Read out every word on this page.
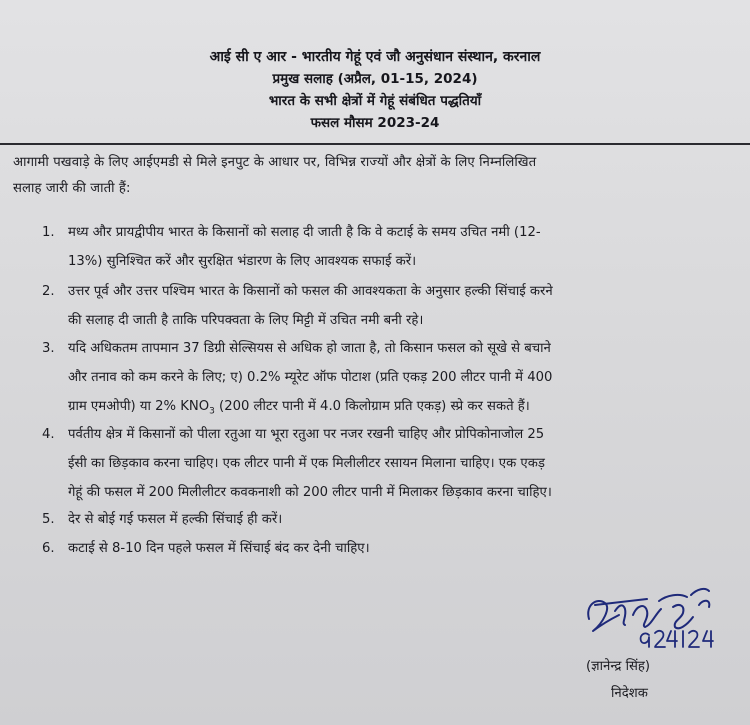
आई सी ए आर - भारतीय गेहूं एवं जौ अनुसंधान संस्थान, करनाल
प्रमुख सलाह (अप्रैल, 01-15, 2024)
भारत के सभी क्षेत्रों में गेहूं संबंधित पद्धतियाँ
फसल मौसम 2023-24
आगामी पखवाड़े के लिए आईएमडी से मिले इनपुट के आधार पर, विभिन्न राज्यों और क्षेत्रों के लिए निम्नलिखित
सलाह जारी की जाती हैं:
1.	मध्य और प्रायद्वीपीय भारत के किसानों को सलाह दी जाती है कि वे कटाई के समय उचित नमी (12-
13%) सुनिश्चित करें और सुरक्षित भंडारण के लिए आवश्यक सफाई करें।
2.	उत्तर पूर्व और उत्तर पश्चिम भारत के किसानों को फसल की आवश्यकता के अनुसार हल्की सिंचाई करने
की सलाह दी जाती है ताकि परिपक्वता के लिए मिट्टी में उचित नमी बनी रहे।
3.	यदि अधिकतम तापमान 37 डिग्री सेल्सियस से अधिक हो जाता है, तो किसान फसल को सूखे से बचाने
और तनाव को कम करने के लिए; ए) 0.2% म्यूरेट ऑफ पोटाश (प्रति एकड़ 200 लीटर पानी में 400
ग्राम एमओपी) या 2% $KNO_3$ (200 लीटर पानी में 4.0 किलोग्राम प्रति एकड़) स्प्रे कर सकते हैं।
4.	पर्वतीय क्षेत्र में किसानों को पीला रतुआ या भूरा रतुआ पर नजर रखनी चाहिए और प्रोपिकोनाजोल 25
ईसी का छिड़काव करना चाहिए। एक लीटर पानी में एक मिलीलीटर रसायन मिलाना चाहिए। एक एकड़
गेहूं की फसल में 200 मिलीलीटर कवकनाशी को 200 लीटर पानी में मिलाकर छिड़काव करना चाहिए।
5.	देर से बोई गई फसल में हल्की सिंचाई ही करें।
6.	कटाई से 8-10 दिन पहले फसल में सिंचाई बंद कर देनी चाहिए।
(ज्ञानेन्द्र सिंह)
निदेशक
